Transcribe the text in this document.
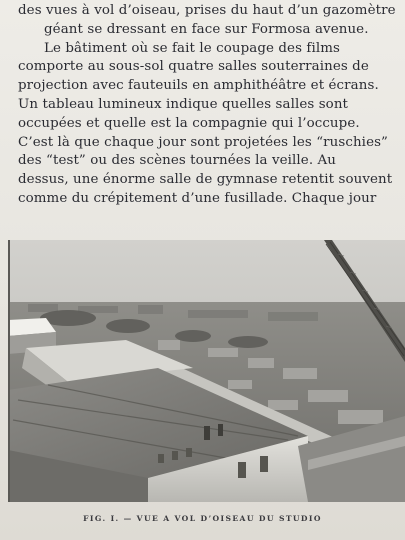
des vues à vol d’oiseau, prises du haut d’un gazomètre
géant se dressant en face sur Formosa avenue.
Le bâtiment où se fait le coupage des films
comporte au sous-sol quatre salles souterraines de
projection avec fauteuils en amphithéâtre et écrans.
Un tableau lumineux indique quelles salles sont
occupées et quelle est la compagnie qui l’occupe.
C’est là que chaque jour sont projetées les “ruschies”
des “test” ou des scènes tournées la veille. Au
dessus, une énorme salle de gymnase retentit souvent
comme du crépitement d’une fusillade. Chaque jour
FIG. I. — VUE A VOL D’OISEAU DU STUDIO
